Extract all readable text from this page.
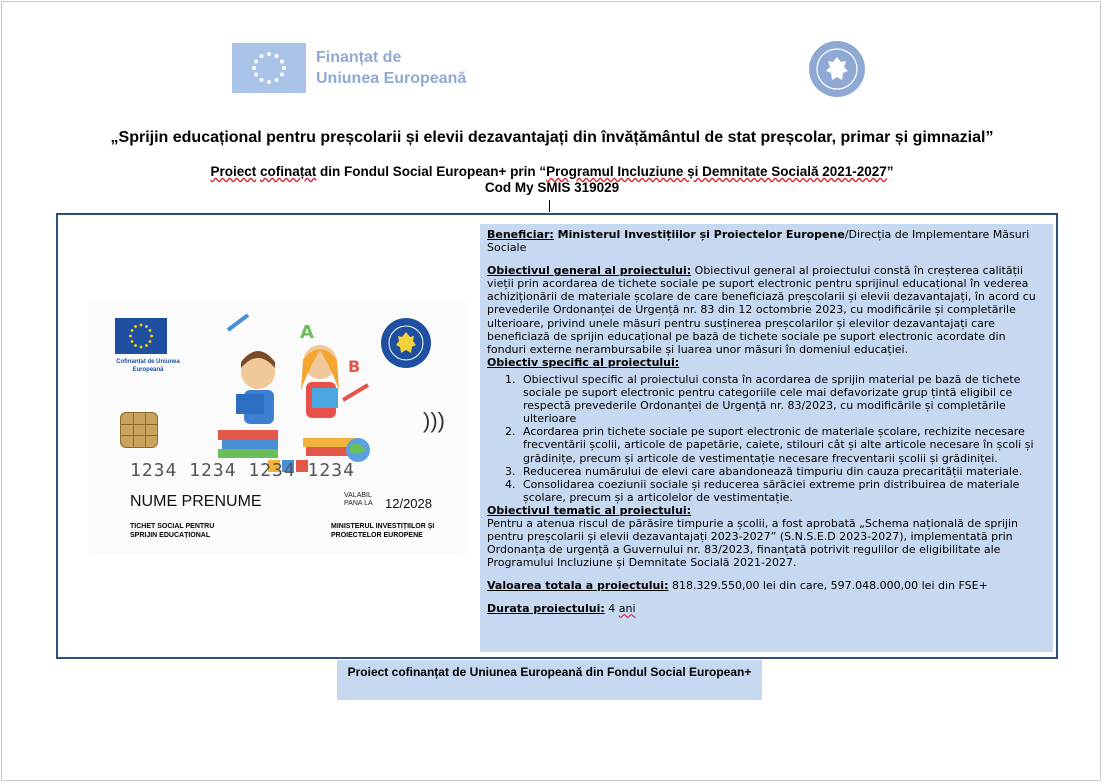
Finanțat de
Uniunea Europeană
„Sprijin educațional pentru preșcolarii și elevii dezavantajați din învățământul de stat preșcolar, primar și gimnazial”
Proiect cofinațat din Fondul Social European+ prin “Programul Incluziune și Demnitate Socială 2021-2027”
Cod My SMIS 319029
Cofinanțat de Uniunea Europeană
A
B
)))
1234 1234 1234 1234
NUME PRENUME	VALABIL
PANA LA 12/2028
TICHET SOCIAL PENTRU
SPRIJIN EDUCAȚIONAL
MINISTERUL INVESTIȚIILOR ȘI
PROIECTELOR EUROPENE

Beneficiar: Ministerul Investițiilor și Proiectelor Europene/Direcția de Implementare Măsuri Sociale

Obiectivul general al proiectului: Obiectivul general al proiectului constă în creșterea calității vieții prin acordarea de tichete sociale pe suport electronic pentru sprijinul educațional în vederea achiziționării de materiale școlare de care beneficiază preșcolarii și elevii dezavantajați, în acord cu prevederile Ordonanței de Urgență nr. 83 din 12 octombrie 2023, cu modificările și completările ulterioare, privind unele măsuri pentru susținerea preșcolarilor și elevilor dezavantajați care beneficiază de sprijin educațional pe bază de tichete sociale pe suport electronic acordate din fonduri externe nerambursabile și luarea unor măsuri în domeniul educației.

Obiectiv specific al proiectului:

1. Obiectivul specific al proiectului consta în acordarea de sprijin material pe bază de tichete sociale pe suport electronic pentru categoriile cele mai defavorizate grup țintă eligibil ce respectă prevederile Ordonanței de Urgență nr. 83/2023, cu modificările și completările ulterioare
2. Acordarea prin tichete sociale pe suport electronic de materiale școlare, rechizite necesare frecventării școlii, articole de papetărie, caiete, stilouri cât și alte articole necesare în școli și grădinițe, precum și articole de vestimentație necesare frecventarii școlii și grădiniței.
3. Reducerea numărului de elevi care abandonează timpuriu din cauza precarității materiale.
4. Consolidarea coeziunii sociale și reducerea sărăciei extreme prin distribuirea de materiale școlare, precum și a articolelor de vestimentație.

Obiectivul tematic al proiectului:

Pentru a atenua riscul de părăsire timpurie a școlii, a fost aprobată „Schema națională de sprijin pentru preșcolarii și elevii dezavantajați 2023-2027” (S.N.S.E.D 2023-2027), implementată prin Ordonanța de urgență a Guvernului nr. 83/2023, finanțată potrivit regulilor de eligibilitate ale Programului Incluziune și Demnitate Socială 2021-2027.

Valoarea totala a proiectului: 818.329.550,00 lei din care, 597.048.000,00 lei din FSE+

Durata proiectului: 4 ani

Proiect cofinanțat de Uniunea Europeană din Fondul Social European+
